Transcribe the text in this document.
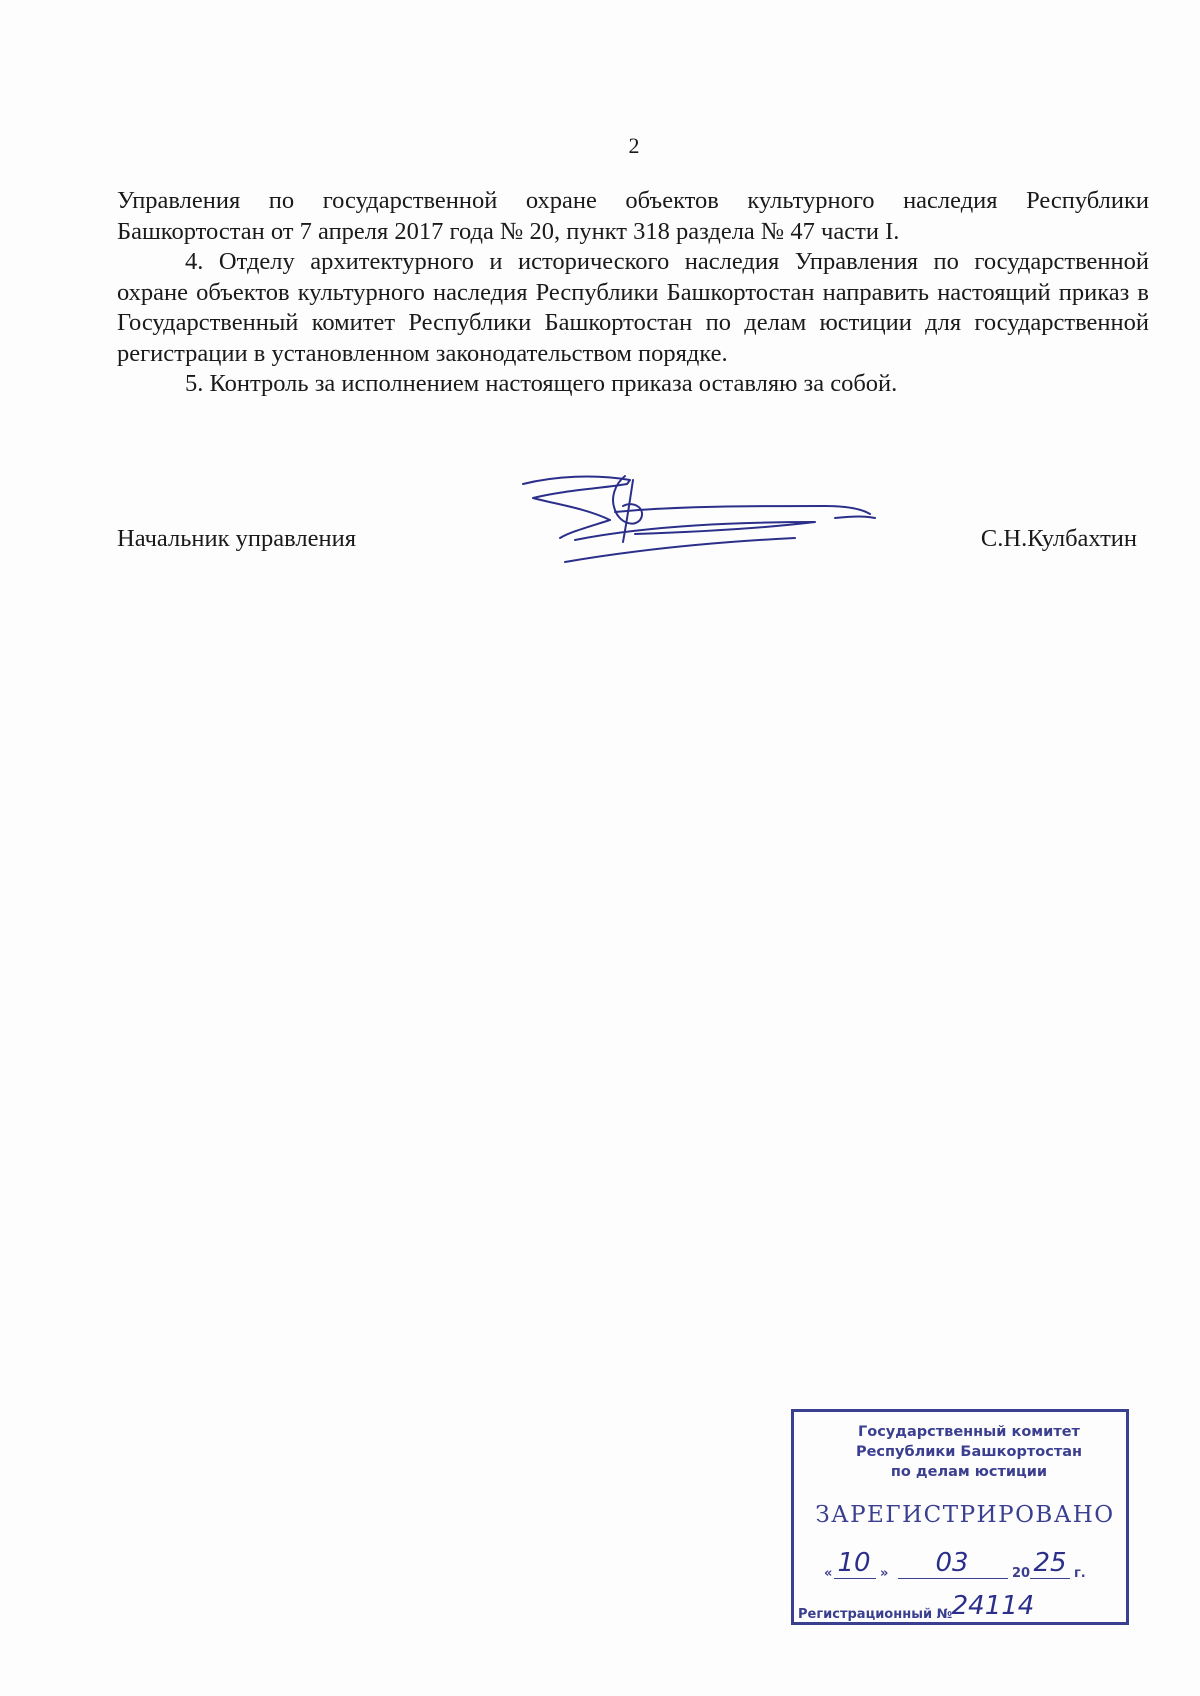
2

Управления по государственной охране объектов культурного наследия Республики

Башкортостан от 7 апреля 2017 года № 20, пункт 318 раздела № 47 части I.

4. Отделу архитектурного и исторического наследия Управления по государственной охране объектов культурного наследия Республики Башкортостан направить настоящий приказ в Государственный комитет Республики Башкортостан по делам юстиции для государственной регистрации в установленном законодательством порядке.

5. Контроль за исполнением настоящего приказа оставляю за собой.

Начальник управления	С.Н.Кулбахтин
Государственный комитет
Республики Башкортостан
по делам юстиции
ЗАРЕГИСТРИРОВАНО
« 10 »	03	20 25 г.
Регистрационный № 24114
